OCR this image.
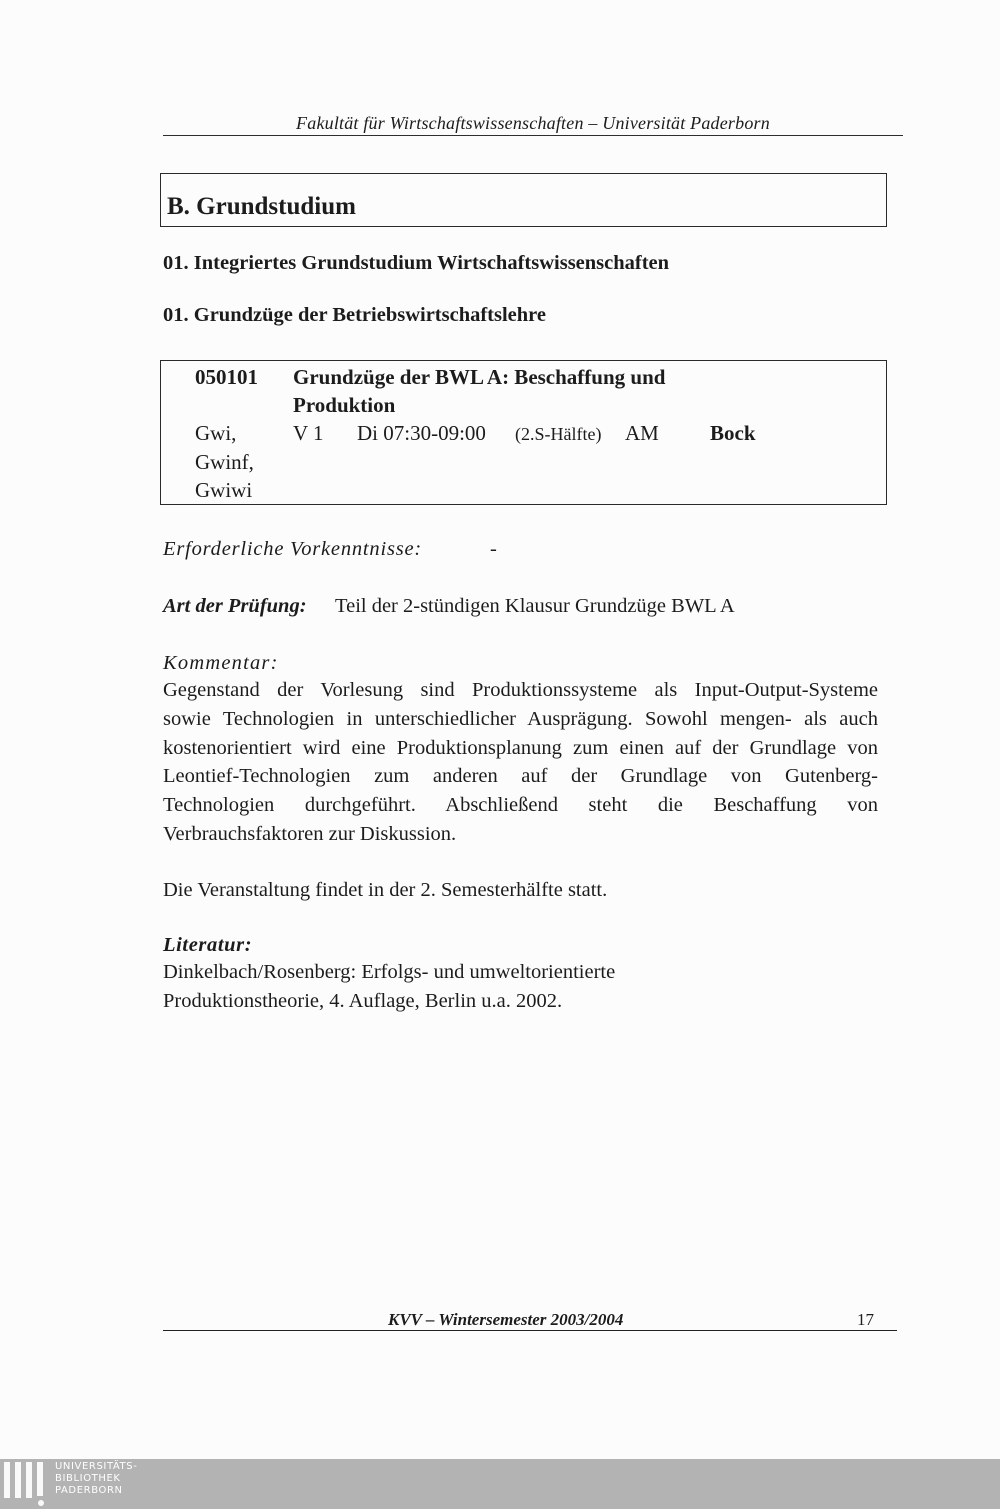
Fakultät für Wirtschaftswissenschaften – Universität Paderborn
B. Grundstudium
01. Integriertes Grundstudium Wirtschaftswissenschaften
01. Grundzüge der Betriebswirtschaftslehre
050101 Grundzüge der BWL A: Beschaffung und
Produktion
Gwi,	V 1 Di 07:30-09:00 (2.S-Hälfte) AM Bock
Gwinf,
Gwiwi
Erforderliche Vorkenntnisse:	-
Art der Prüfung: Teil der 2-stündigen Klausur Grundzüge BWL A
Kommentar:
Gegenstand der Vorlesung sind Produktionssysteme als Input-Output-Systeme
sowie Technologien in unterschiedlicher Ausprägung. Sowohl mengen- als auch
kostenorientiert wird eine Produktionsplanung zum einen auf der Grundlage von
Leontief-Technologien zum anderen auf der Grundlage von Gutenberg-
Technologien durchgeführt. Abschließend steht die Beschaffung von
Verbrauchsfaktoren zur Diskussion.
Die Veranstaltung findet in der 2. Semesterhälfte statt.
Literatur:
Dinkelbach/Rosenberg: Erfolgs- und umweltorientierte
Produktionstheorie, 4. Auflage, Berlin u.a. 2002.
KVV – Wintersemester 2003/2004	17
UNIVERSITÄTS-
BIBLIOTHEK
PADERBORN
